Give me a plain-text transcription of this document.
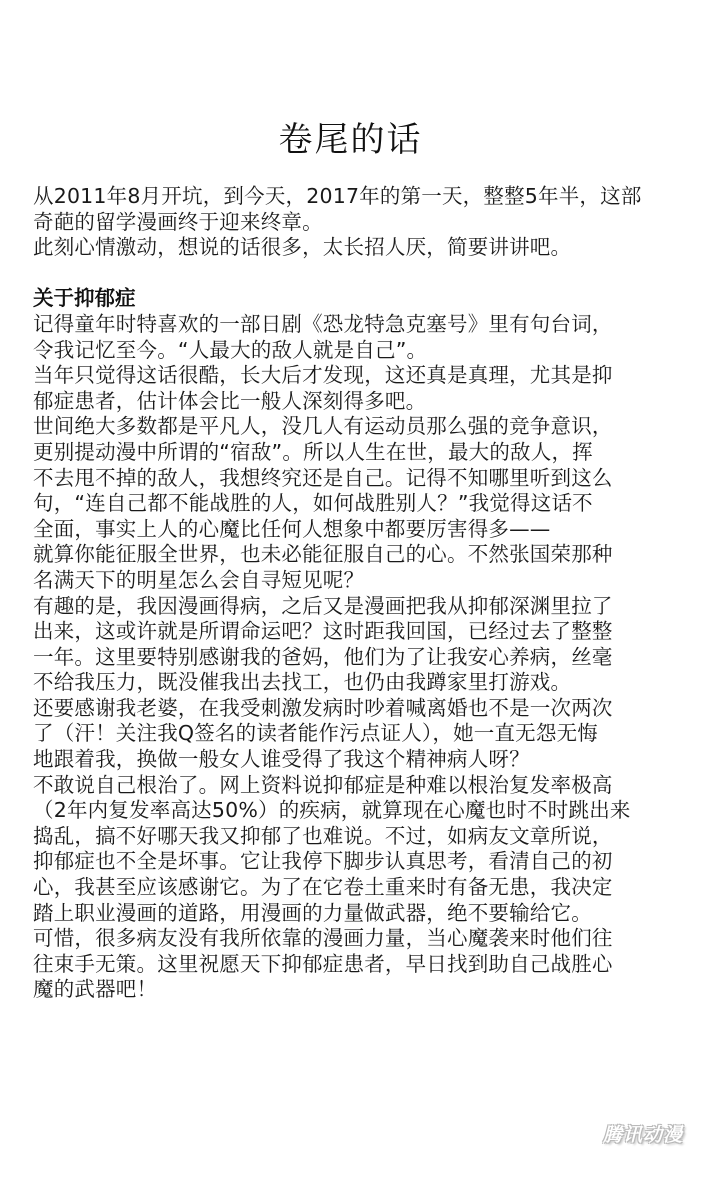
卷尾的话
从2011年8月开坑，到今天，2017年的第一天，整整5年半，这部
奇葩的留学漫画终于迎来终章。
此刻心情激动，想说的话很多，太长招人厌，简要讲讲吧。
关于抑郁症
记得童年时特喜欢的一部日剧《恐龙特急克塞号》里有句台词，
令我记忆至今。“人最大的敌人就是自己”。
当年只觉得这话很酷，长大后才发现，这还真是真理，尤其是抑
郁症患者，估计体会比一般人深刻得多吧。
世间绝大多数都是平凡人，没几人有运动员那么强的竞争意识，
更别提动漫中所谓的“宿敌”。所以人生在世，最大的敌人，挥
不去甩不掉的敌人，我想终究还是自己。记得不知哪里听到这么
句，“连自己都不能战胜的人，如何战胜别人？”我觉得这话不
全面，事实上人的心魔比任何人想象中都要厉害得多——
就算你能征服全世界，也未必能征服自己的心。不然张国荣那种
名满天下的明星怎么会自寻短见呢？
有趣的是，我因漫画得病，之后又是漫画把我从抑郁深渊里拉了
出来，这或许就是所谓命运吧？这时距我回国，已经过去了整整
一年。这里要特别感谢我的爸妈，他们为了让我安心养病，丝毫
不给我压力，既没催我出去找工，也仍由我蹲家里打游戏。
还要感谢我老婆，在我受刺激发病时吵着喊离婚也不是一次两次
了（汗！关注我Q签名的读者能作污点证人），她一直无怨无悔
地跟着我，换做一般女人谁受得了我这个精神病人呀？
不敢说自己根治了。网上资料说抑郁症是种难以根治复发率极高
（2年内复发率高达50%）的疾病，就算现在心魔也时不时跳出来
捣乱，搞不好哪天我又抑郁了也难说。不过，如病友文章所说，
抑郁症也不全是坏事。它让我停下脚步认真思考，看清自己的初
心，我甚至应该感谢它。为了在它卷土重来时有备无患，我决定
踏上职业漫画的道路，用漫画的力量做武器，绝不要输给它。
可惜，很多病友没有我所依靠的漫画力量，当心魔袭来时他们往
往束手无策。这里祝愿天下抑郁症患者，早日找到助自己战胜心
魔的武器吧！
腾讯动漫
